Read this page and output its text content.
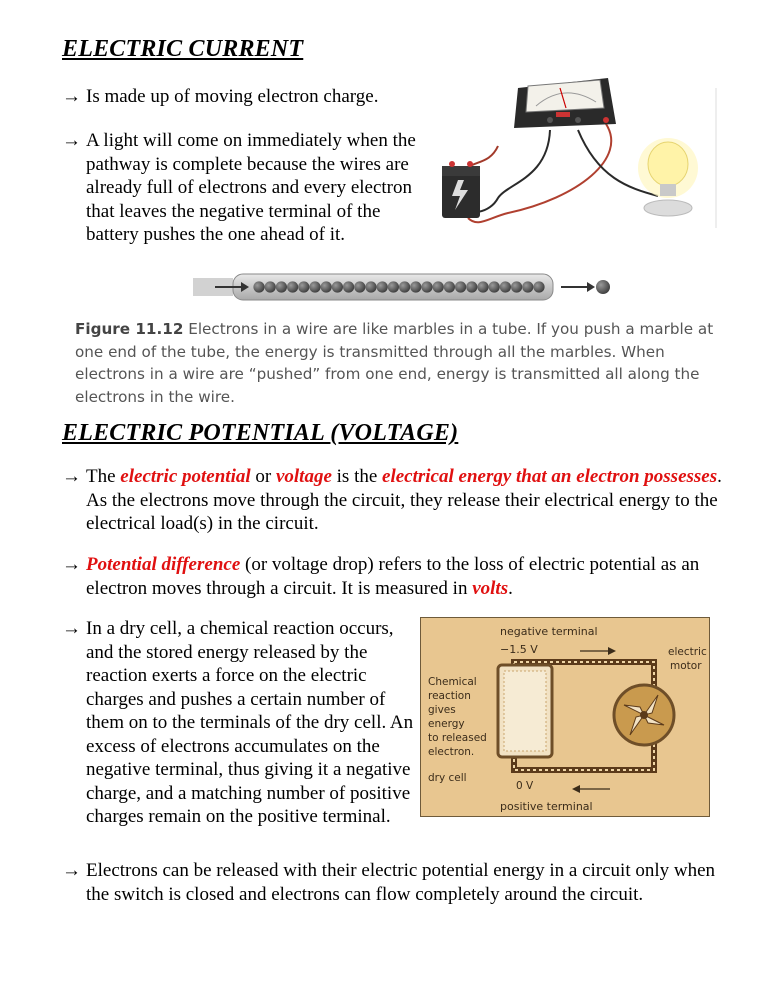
ELECTRIC CURRENT
→ Is made up of moving electron charge.
→ A light will come on immediately when the pathway is complete because the wires are already full of electrons and every electron that leaves the negative terminal of the battery pushes the one ahead of it.
Figure 11.12 Electrons in a wire are like marbles in a tube. If you push a marble at one end of the tube, the energy is transmitted through all the marbles. When electrons in a wire are “pushed” from one end, energy is transmitted all along the electrons in the wire.
ELECTRIC POTENTIAL (VOLTAGE)
→ The electric potential or voltage is the electrical energy that an electron possesses. As the electrons move through the circuit, they release their electrical energy to the electrical load(s) in the circuit.
→ Potential difference (or voltage drop) refers to the loss of electric potential as an electron moves through a circuit. It is measured in volts.
→ In a dry cell, a chemical reaction occurs, and the stored energy released by the reaction exerts a force on the electric charges and pushes a certain number of them on to the terminals of the dry cell. An excess of electrons accumulates on the negative terminal, thus giving it a negative charge, and a matching number of positive charges remain on the positive terminal.
negative terminal
−1.5 V
Chemical
reaction
gives
energy
to released
electron.
dry cell
0 V
positive terminal
electric
motor
→ Electrons can be released with their electric potential energy in a circuit only when the switch is closed and electrons can flow completely around the circuit.
